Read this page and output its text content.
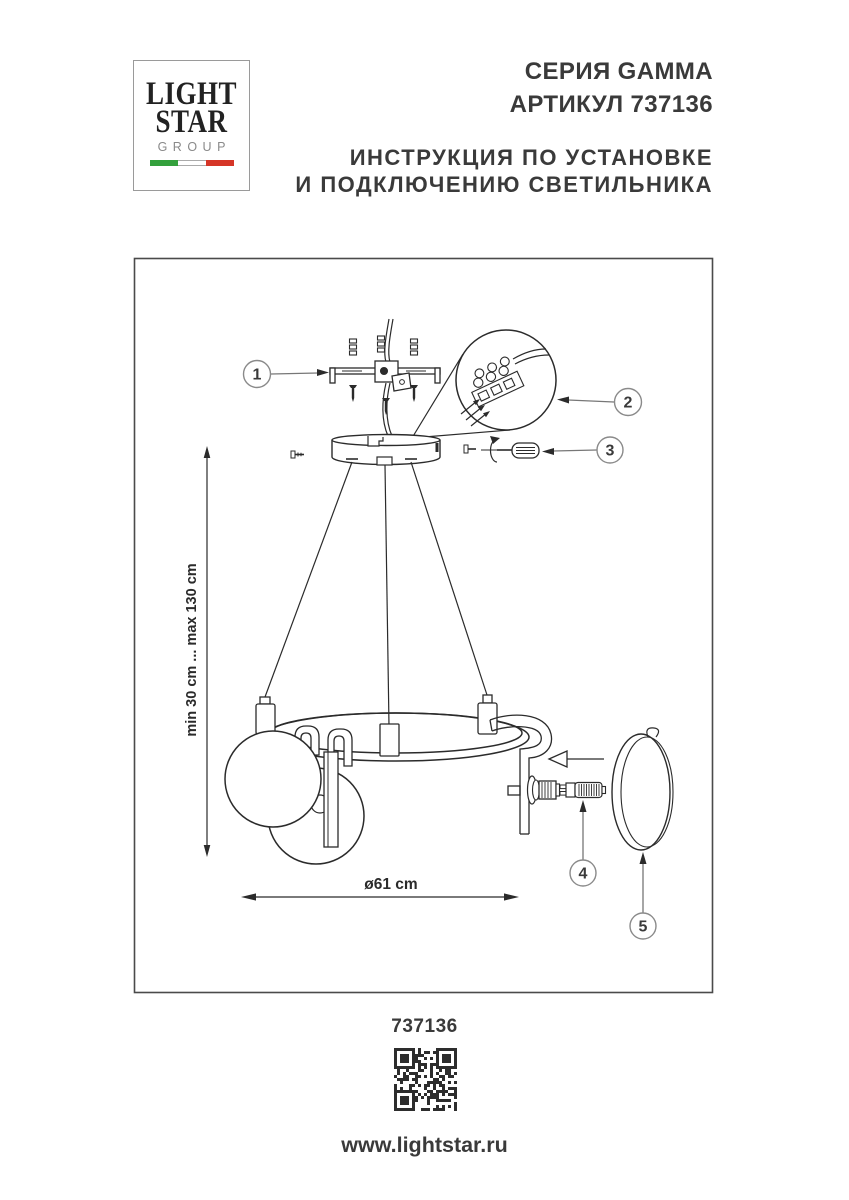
LIGHT
STAR
GROUP
СЕРИЯ GAMMA
АРТИКУЛ 737136
ИНСТРУКЦИЯ ПО УСТАНОВКЕ
И ПОДКЛЮЧЕНИЮ СВЕТИЛЬНИКА
1
2
3
4
5
min 30 cm ... max 130 cm
ø61 cm
737136
www.lightstar.ru
